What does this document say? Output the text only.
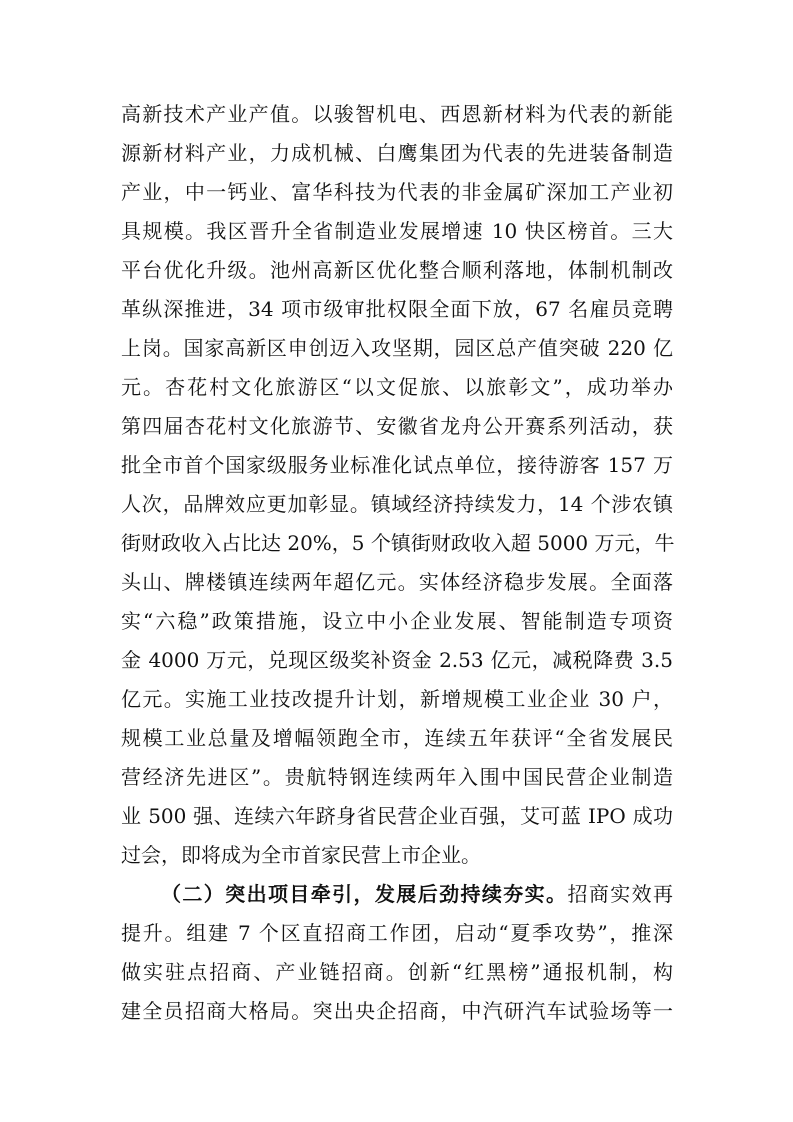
高新技术产业产值。以骏智机电、西恩新材料为代表的新能
源新材料产业，力成机械、白鹰集团为代表的先进装备制造
产业，中一钙业、富华科技为代表的非金属矿深加工产业初
具规模。我区晋升全省制造业发展增速 10 快区榜首。三大
平台优化升级。池州高新区优化整合顺利落地，体制机制改
革纵深推进，34 项市级审批权限全面下放，67 名雇员竞聘
上岗。国家高新区申创迈入攻坚期，园区总产值突破 220 亿
元。杏花村文化旅游区“以文促旅、以旅彰文”，成功举办
第四届杏花村文化旅游节、安徽省龙舟公开赛系列活动，获
批全市首个国家级服务业标准化试点单位，接待游客 157 万
人次，品牌效应更加彰显。镇域经济持续发力，14 个涉农镇
街财政收入占比达 20%，5 个镇街财政收入超 5000 万元，牛
头山、牌楼镇连续两年超亿元。实体经济稳步发展。全面落
实“六稳”政策措施，设立中小企业发展、智能制造专项资
金 4000 万元，兑现区级奖补资金 2.53 亿元，减税降费 3.5
亿元。实施工业技改提升计划，新增规模工业企业 30 户，
规模工业总量及增幅领跑全市，连续五年获评“全省发展民
营经济先进区”。贵航特钢连续两年入围中国民营企业制造
业 500 强、连续六年跻身省民营企业百强，艾可蓝 IPO 成功
过会，即将成为全市首家民营上市企业。
（二）突出项目牵引，发展后劲持续夯实。招商实效再
提升。组建 7 个区直招商工作团，启动“夏季攻势”，推深
做实驻点招商、产业链招商。创新“红黑榜”通报机制，构
建全员招商大格局。突出央企招商，中汽研汽车试验场等一
